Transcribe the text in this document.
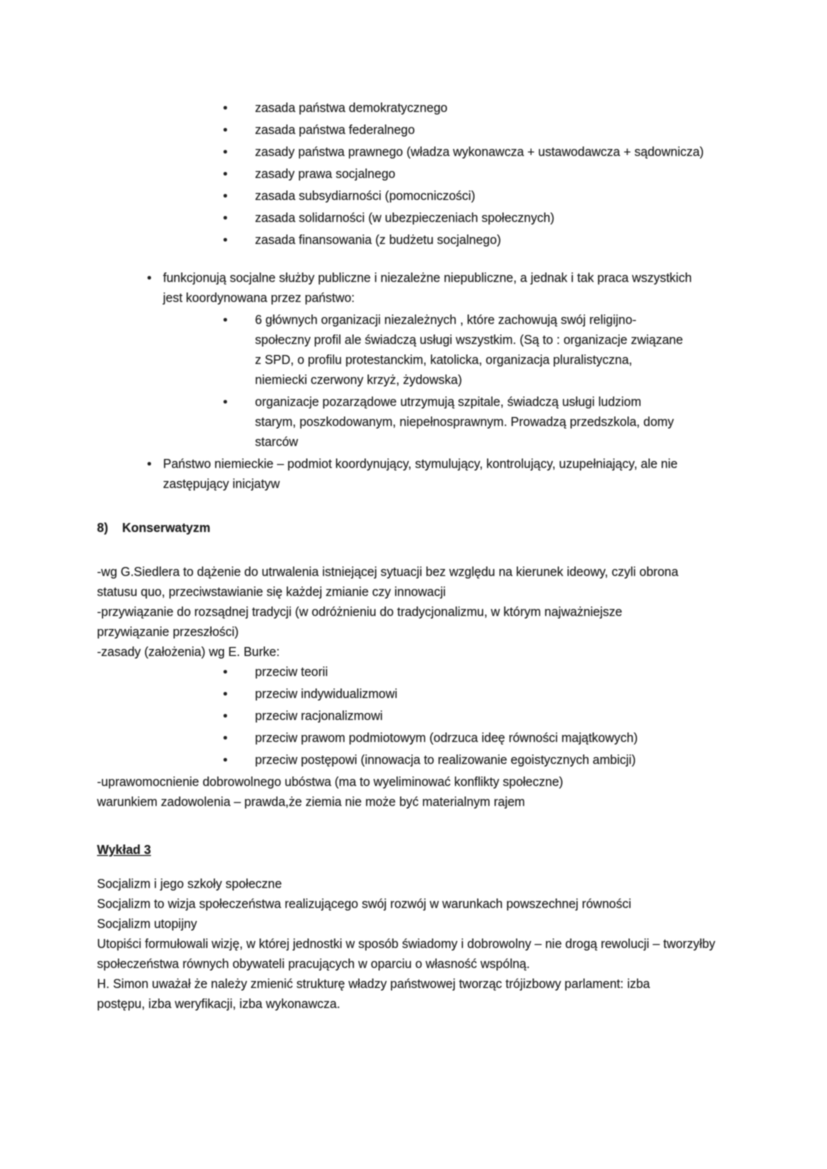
•
zasada państwa demokratycznego
•
zasada państwa federalnego
•
zasady państwa prawnego (władza wykonawcza + ustawodawcza + sądownicza)
•
zasady prawa socjalnego
•
zasada subsydiarności (pomocniczości)
•
zasada solidarności (w ubezpieczeniach społecznych)
•
zasada finansowania (z budżetu socjalnego)
•
funkcjonują socjalne służby publiczne i niezależne niepubliczne, a jednak i tak praca wszystkich jest koordynowana przez państwo:
•
6 głównych organizacji niezależnych , które zachowują swój religijno-społeczny profil ale świadczą usługi wszystkim. (Są to : organizacje związane z SPD, o profilu protestanckim, katolicka, organizacja pluralistyczna, niemiecki czerwony krzyż, żydowska)
•
organizacje pozarządowe utrzymują szpitale, świadczą usługi ludziom starym, poszkodowanym, niepełnosprawnym. Prowadzą przedszkola, domy starców
•
Państwo niemieckie – podmiot koordynujący, stymulujący, kontrolujący, uzupełniający, ale nie zastępujący inicjatyw

8) Konserwatyzm

-wg G.Siedlera to dążenie do utrwalenia istniejącej sytuacji bez względu na kierunek ideowy, czyli obrona statusu quo, przeciwstawianie się każdej zmianie czy innowacji

-przywiązanie do rozsądnej tradycji (w odróżnieniu do tradycjonalizmu, w którym najważniejsze przywiązanie przeszłości)

-zasady (założenia) wg E. Burke:

•
przeciw teorii
•
przeciw indywidualizmowi
•
przeciw racjonalizmowi
•
przeciw prawom podmiotowym (odrzuca ideę równości majątkowych)
•
przeciw postępowi (innowacja to realizowanie egoistycznych ambicji)

-uprawomocnienie dobrowolnego ubóstwa (ma to wyeliminować konflikty społeczne)

warunkiem zadowolenia – prawda,że ziemia nie może być materialnym rajem

Wykład 3

Socjalizm i jego szkoły społeczne

Socjalizm to wizja społeczeństwa realizującego swój rozwój w warunkach powszechnej równości

Socjalizm utopijny

Utopiści formułowali wizję, w której jednostki w sposób świadomy i dobrowolny – nie drogą rewolucji – tworzyłby społeczeństwa równych obywateli pracujących w oparciu o własność wspólną.

H. Simon uważał że należy zmienić strukturę władzy państwowej tworząc trójizbowy parlament: izba postępu, izba weryfikacji, izba wykonawcza.
